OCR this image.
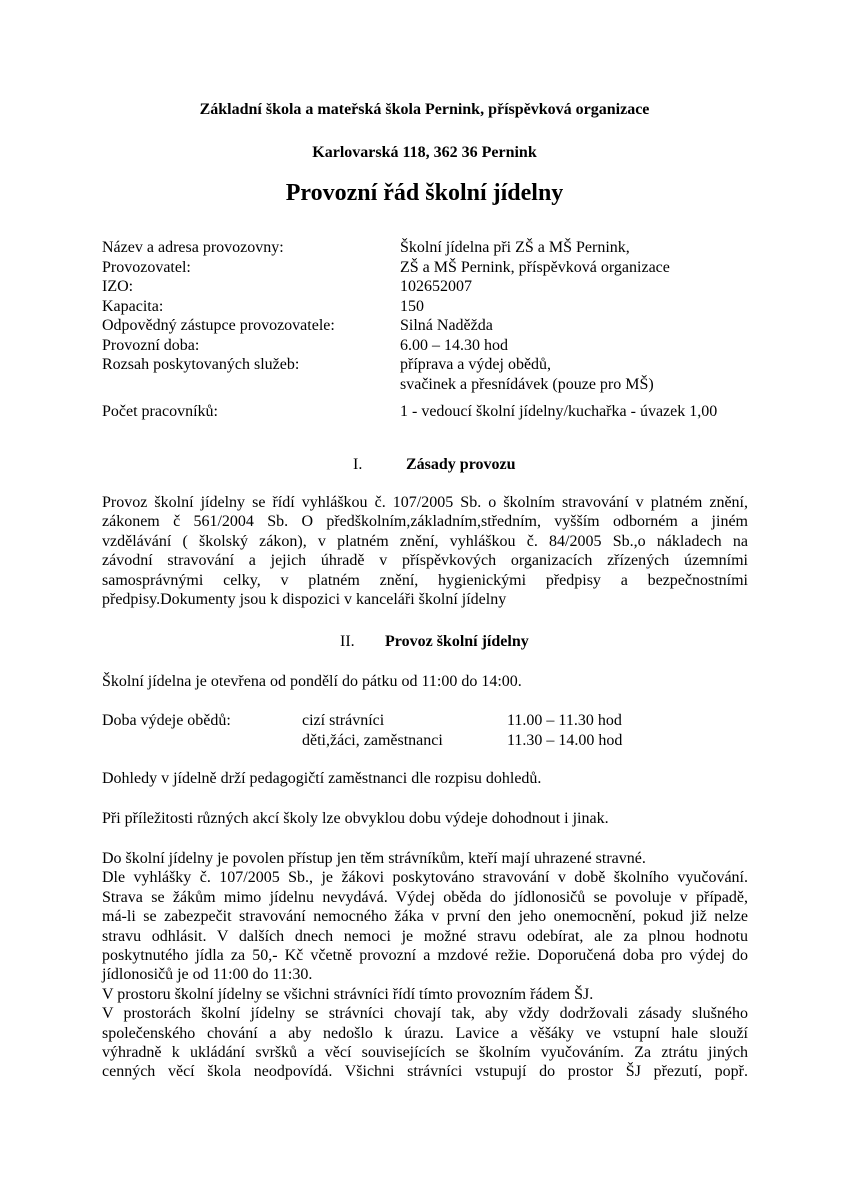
Základní škola a mateřská škola Pernink, příspěvková organizace
Karlovarská 118, 362 36 Pernink
Provozní řád školní jídelny
Název a adresa provozovny:	Školní jídelna při ZŠ a MŠ Pernink,
Provozovatel:	ZŠ a MŠ Pernink, příspěvková organizace
IZO:	102652007
Kapacita:	150
Odpovědný zástupce provozovatele:	Silná Naděžda
Provozní doba:	6.00 – 14.30 hod
Rozsah poskytovaných služeb:	příprava a výdej obědů,
svačinek a přesnídávek (pouze pro MŠ)
Počet pracovníků:	1 - vedoucí školní jídelny/kuchařka - úvazek 1,00
I.	Zásady provozu
Provoz školní jídelny se řídí vyhláškou č. 107/2005 Sb. o školním stravování v platném znění,
zákonem č 561/2004 Sb. O předškolním,základním,středním, vyšším odborném a jiném
vzdělávání ( školský zákon), v platném znění, vyhláškou č. 84/2005 Sb.,o nákladech na
závodní stravování a jejich úhradě v příspěvkových organizacích zřízených územními
samosprávnými celky, v platném znění, hygienickými předpisy a bezpečnostními
předpisy.Dokumenty jsou k dispozici v kanceláři školní jídelny
II. Provoz školní jídelny
Školní jídelna je otevřena od pondělí do pátku od 11:00 do 14:00.
Doba výdeje obědů:	cizí strávníci	11.00 – 11.30 hod
děti,žáci, zaměstnanci	11.30 – 14.00 hod
Dohledy v jídelně drží pedagogičtí zaměstnanci dle rozpisu dohledů.
Při příležitosti různých akcí školy lze obvyklou dobu výdeje dohodnout i jinak.
Do školní jídelny je povolen přístup jen těm strávníkům, kteří mají uhrazené stravné.
Dle vyhlášky č. 107/2005 Sb., je žákovi poskytováno stravování v době školního vyučování.
Strava se žákům mimo jídelnu nevydává. Výdej oběda do jídlonosičů se povoluje v případě,
má-li se zabezpečit stravování nemocného žáka v první den jeho onemocnění, pokud již nelze
stravu odhlásit. V dalších dnech nemoci je možné stravu odebírat, ale za plnou hodnotu
poskytnutého jídla za 50,- Kč včetně provozní a mzdové režie. Doporučená doba pro výdej do
jídlonosičů je od 11:00 do 11:30.
V prostoru školní jídelny se všichni strávníci řídí tímto provozním řádem ŠJ.
V prostorách školní jídelny se strávníci chovají tak, aby vždy dodržovali zásady slušného
společenského chování a aby nedošlo k úrazu. Lavice a věšáky ve vstupní hale slouží
výhradně k ukládání svršků a věcí souvisejících se školním vyučováním. Za ztrátu jiných
cenných věcí škola neodpovídá. Všichni strávníci vstupují do prostor ŠJ přezutí, popř.
